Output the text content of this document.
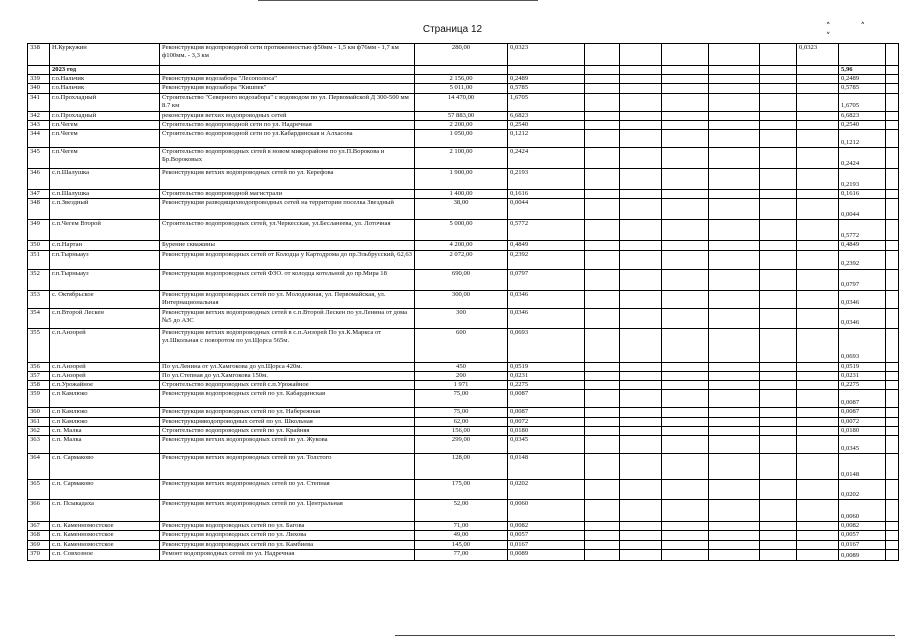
Страница 12	˄˄ ˅
338	Н.Куркужин	Реконструкция водопроводной сети протяженностью ф50мм - 1,5 км ф76мм - 1,7 км ф100мм. - 3,3 км	280,00	0,0323						0,0323		
	2023 год										5,96	
339	г.о.Нальчик	Реконструкция водозабора "Лесополоса"	2 156,00	0,2489							0,2489	
340	г.о.Нальчик	Реконструкция водозабора "Кишпек"	5 011,00	0,5785							0,5785	
341	г.о.Прохладный	Строительство "Северного водозабора" с водоводом по ул. Первомайской Д 300-500 мм 8.7 км	14 470,00	1,6705							1,6705	
342	г.о.Прохладный	реконструкция ветхих водопроводных сетей	57 883,00	6,6823							6,6823	
343	г.п.Чегем	Строительство водопроводной сети по ул. Надречная	2 200,00	0,2540							0,2540	
344	г.п.Чегем	Строительство водопроводной сети по ул.Кабардинская и Алхасова	1 050,00	0,1212							0,1212	
345	г.п.Чегем	Строительство водопроводных сетей в новом микрорайоне по ул.П.Ворокова и Бр.Вороковых	2 100,00	0,2424							0,2424	
346	с.п.Шалушка	Реконструкция ветхих водопроводных сетей по ул. Керефова	1 900,00	0,2193							0,2193	
347	с.п.Шалушка	Строительство водопроводной магистрали	1 400,00	0,1616							0,1616	
348	с.п.Звездный	Реконструкция разводящихводопроводных сетей на территории поселка Звездный	38,00	0,0044							0,0044	
349	с.п.Чегем Второй	Строительство водопроводных сетей, ул.Черкесская, ул.Бесланеева, ул. Лоточная	5 000,00	0,5772							0,5772	
350	с.п.Нартан	Бурение скважины	4 200,00	0,4849							0,4849	
351	г.п.Тырныауз	Реконструкция водопроводных сетей от Колодца у Картодрома до пр.Эльбрусский, 62,63	2 072,00	0,2392							0,2392	
352	г.п.Тырныауз	Реконструкция водопроводных сетей ФЗО. от колодца котельной до пр.Мира 18	690,00	0,0797							0,0797	
353	с. Октябрьское	Реконструкция водопроводных сетей по ул. Молодежная, ул. Первомайская, ул. Интернациональная	300,00	0,0346							0,0346	
354	с.п.Второй Лескен	Реконструкция ветхих водопроводных сетей в с.п.Второй Лескен по ул.Ленина от дома №5 до АЗС	300	0,0346							0,0346	
355	с.п.Анзорей	Реконструкция ветхих водопроводных сетей в с.п.Анзорей По ул.К.Маркса от ул.Школьная с поворотом по ул.Щорса 565м.	600	0,0693							0,0693	
356	с.п.Анзорей	По ул.Ленина от ул.Хамгокова до ул.Щорса 420м.	450	0,0519							0,0519	
357	с.п.Анзорей	По ул.Степная до ул.Хамгокова 150м.	200	0,0231							0,0231	
358	с.п.Урожайное	Строительство водопроводных сетей с.п.Урожайное	1 971	0,2275							0,2275	
359	с.п Камлюко	Реконструкция водопроводных сетей по ул. Кабардинская	75,00	0,0087							0,0087	
360	с.п Камлюко	Реконструкция водопроводных сетей по ул. Набережная	75,00	0,0087							0,0087	
361	с.п Камлюко	Реконструкцияводопроводных сетей по ул. Школьная	62,00	0,0072							0,0072	
362	с.п. Малка	Строительство водопроводных сетей по ул. Крайняя	156,00	0,0180							0,0180	
363	с.п. Малка	Реконструкция ветхих водопроводных сетей по ул. Жукова	299,00	0,0345							0,0345	
364	с.п. Сармаково	Реконструкция ветхих водопроводных сетей по ул. Толстого	128,00	0,0148							0,0148	
365	с.п. Сармаково	Реконструкция ветхих водопроводных сетей по ул. Степная	175,00	0,0202							0,0202	
366	с.п. Псыкадаха	Реконструкция ветхих водопроводных сетей по ул. Центральная	52,00	0,0060							0,0060	
367	с.п. Каменномостское	Реконструкция водопроводных сетей по ул. Багова	71,00	0,0082							0,0082	
368	с.п. Каменномостское	Реконструкция водопроводных сетей по ул. Лихова	49,00	0,0057							0,0057	
369	с.п. Каменномостское	Реконструкция водопроводных сетей по ул. Камбиева	145,00	0,0167							0,0167	
370	с.п. Совхозное	Ремонт водопроводных сетей по ул. Надречная	77,00	0,0089							0,0089	
